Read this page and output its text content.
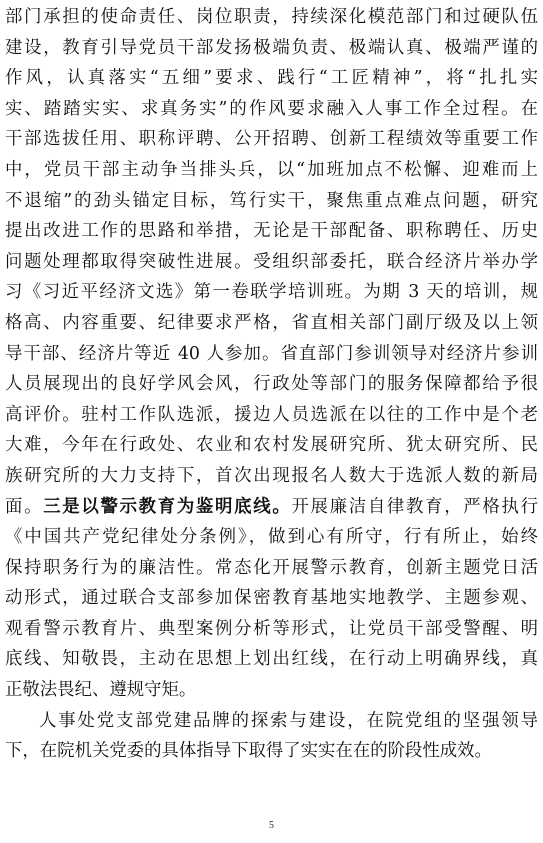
部门承担的使命责任、岗位职责，持续深化模范部门和过硬队伍
建设，教育引导党员干部发扬极端负责、极端认真、极端严谨的
作风，认真落实“五细”要求、践行“工匠精神”，将“扎扎实
实、踏踏实实、求真务实”的作风要求融入人事工作全过程。在
干部选拔任用、职称评聘、公开招聘、创新工程绩效等重要工作
中，党员干部主动争当排头兵，以“加班加点不松懈、迎难而上
不退缩”的劲头锚定目标，笃行实干，聚焦重点难点问题，研究
提出改进工作的思路和举措，无论是干部配备、职称聘任、历史
问题处理都取得突破性进展。受组织部委托，联合经济片举办学
习《习近平经济文选》第一卷联学培训班。为期 3 天的培训，规
格高、内容重要、纪律要求严格，省直相关部门副厅级及以上领
导干部、经济片等近 40 人参加。省直部门参训领导对经济片参训
人员展现出的良好学风会风，行政处等部门的服务保障都给予很
高评价。驻村工作队选派，援边人员选派在以往的工作中是个老
大难，今年在行政处、农业和农村发展研究所、犹太研究所、民
族研究所的大力支持下，首次出现报名人数大于选派人数的新局
面。三是以警示教育为鉴明底线。开展廉洁自律教育，严格执行
《中国共产党纪律处分条例》，做到心有所守，行有所止，始终
保持职务行为的廉洁性。常态化开展警示教育，创新主题党日活
动形式，通过联合支部参加保密教育基地实地教学、主题参观、
观看警示教育片、典型案例分析等形式，让党员干部受警醒、明
底线、知敬畏，主动在思想上划出红线，在行动上明确界线，真
正敬法畏纪、遵规守矩。
人事处党支部党建品牌的探索与建设，在院党组的坚强领导
下，在院机关党委的具体指导下取得了实实在在的阶段性成效。
5
